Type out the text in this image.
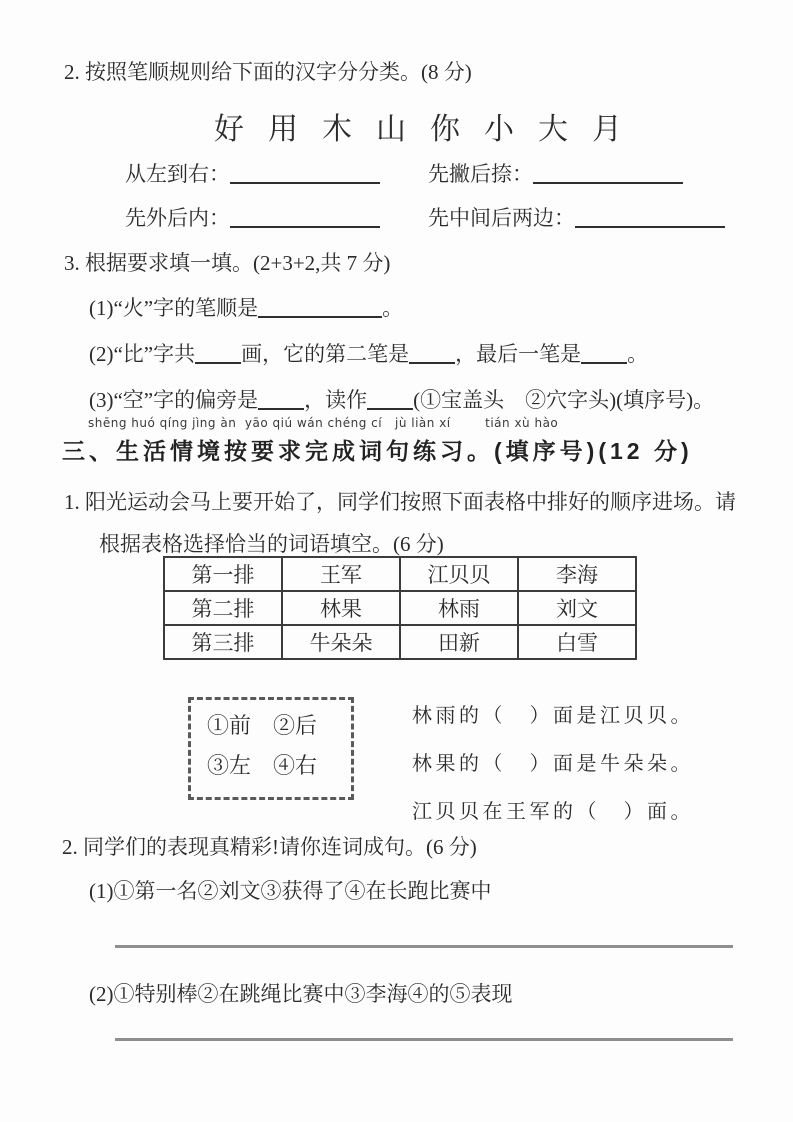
2. 按照笔顺规则给下面的汉字分分类。(8 分)
好 用 木 山 你 小 大 月
从左到右：	先撇后捺：
先外后内：	先中间后两边：
3. 根据要求填一填。(2+3+2,共 7 分)
(1)“火”字的笔顺是	。
(2)“比”字共 画，它的第二笔是 ，最后一笔是 。
(3)“空”字的偏旁是 ，读作 (①宝盖头　②穴字头)(填序号)。
shēng huó qíng jìng àn  yāo qiú wán chéng cí   jù liàn xí        tián xù hào
三、生活情境按要求完成词句练习。(填序号)(12 分)
1. 阳光运动会马上要开始了，同学们按照下面表格中排好的顺序进场。请
根据表格选择恰当的词语填空。(6 分)
第一排	王军	江贝贝	李海
第二排	林果	林雨	刘文
第三排	牛朵朵	田新	白雪
①前 ②后
③左 ④右
林雨的（　）面是江贝贝。
林果的（　）面是牛朵朵。
江贝贝在王军的（　）面。
2. 同学们的表现真精彩!请你连词成句。(6 分)
(1)①第一名②刘文③获得了④在长跑比赛中
(2)①特别棒②在跳绳比赛中③李海④的⑤表现
